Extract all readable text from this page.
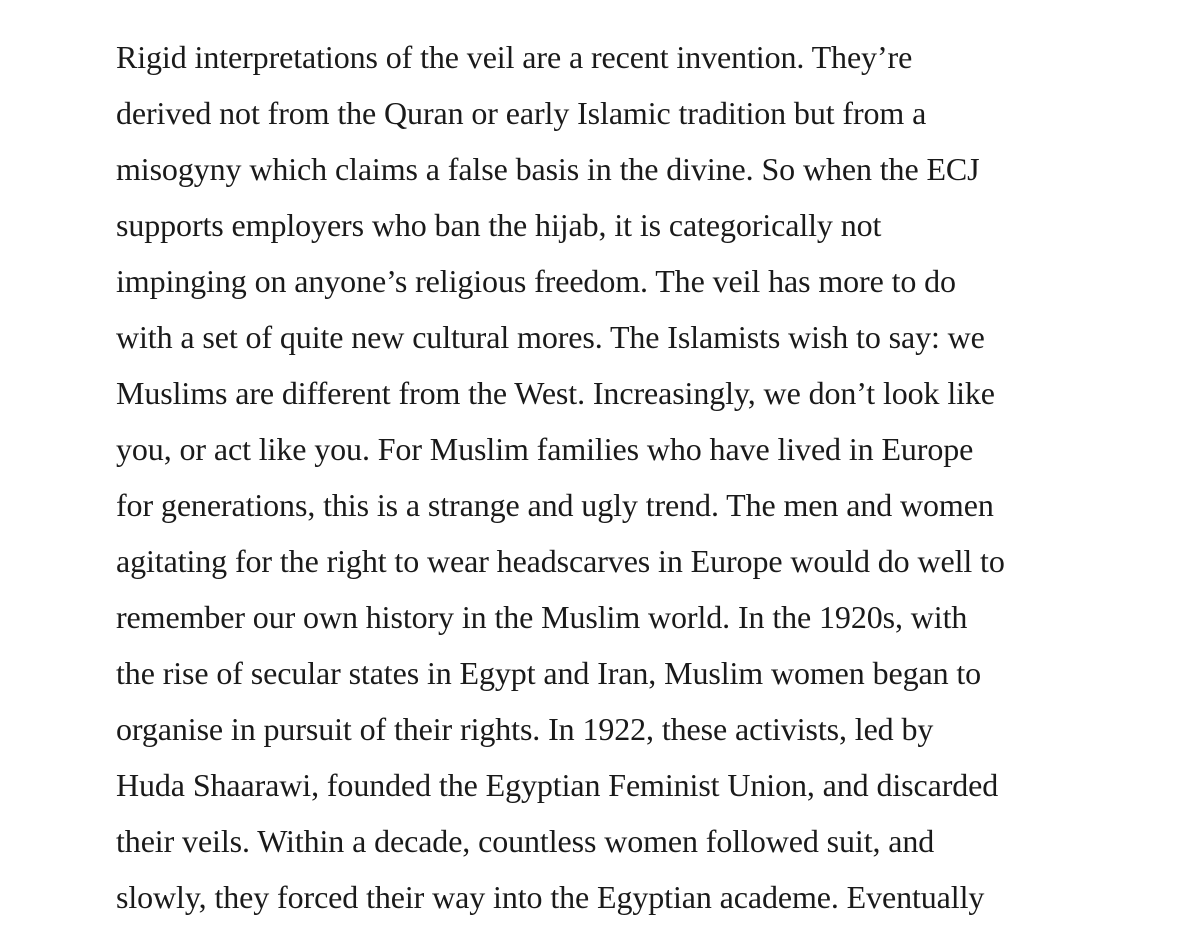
Rigid interpretations of the veil are a recent invention. They’re
derived not from the Quran or early Islamic tradition but from a
misogyny which claims a false basis in the divine. So when the ECJ
supports employers who ban the hijab, it is categorically not
impinging on anyone’s religious freedom. The veil has more to do
with a set of quite new cultural mores. The Islamists wish to say: we
Muslims are different from the West. Increasingly, we don’t look like
you, or act like you. For Muslim families who have lived in Europe
for generations, this is a strange and ugly trend. The men and women
agitating for the right to wear headscarves in Europe would do well to
remember our own history in the Muslim world. In the 1920s, with
the rise of secular states in Egypt and Iran, Muslim women began to
organise in pursuit of their rights. In 1922, these activists, led by
Huda Shaarawi, founded the Egyptian Feminist Union, and discarded
their veils. Within a decade, countless women followed suit, and
slowly, they forced their way into the Egyptian academe. Eventually
